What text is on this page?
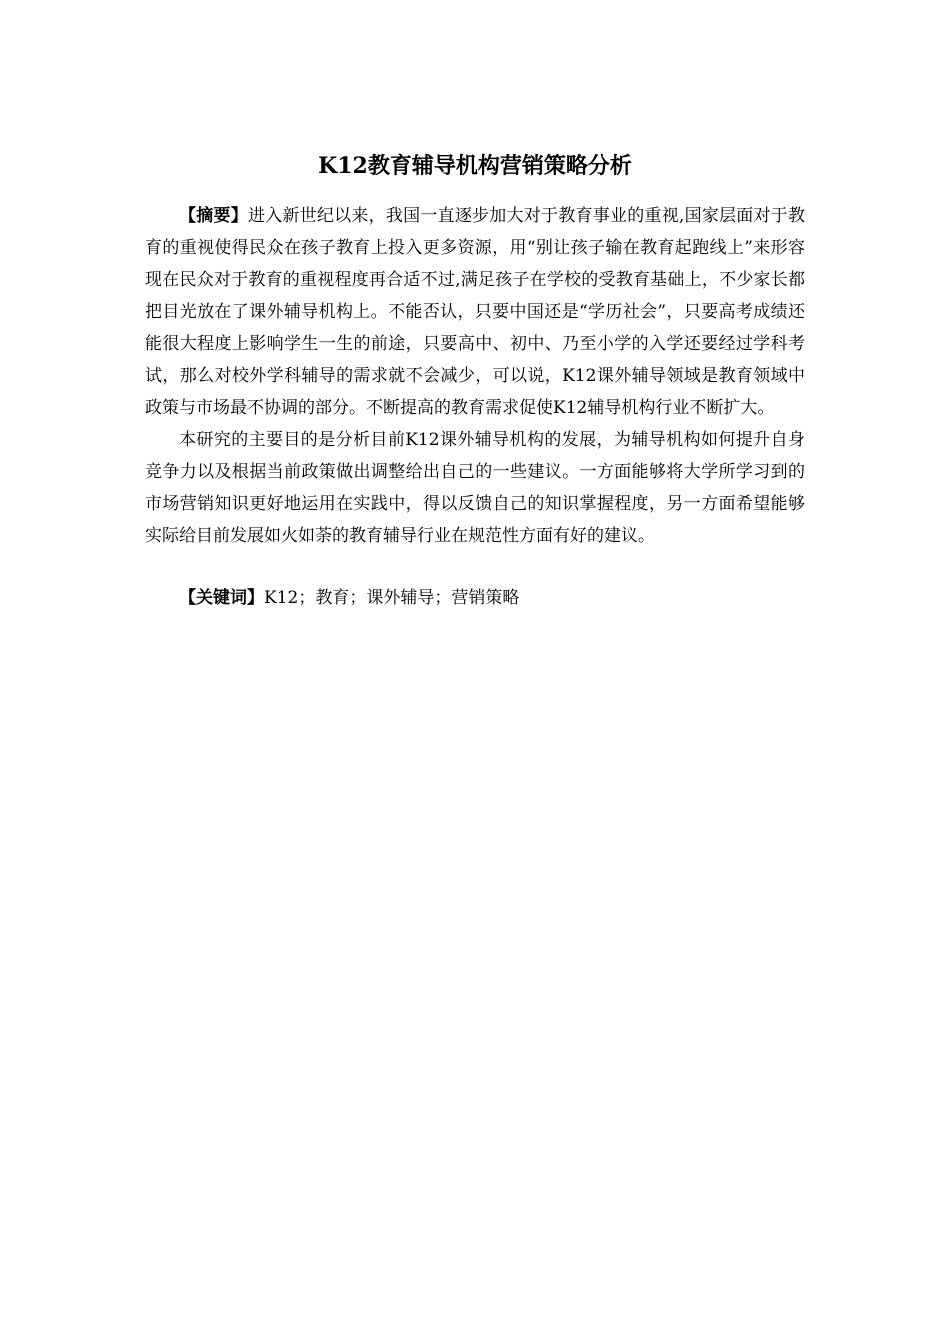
K12教育辅导机构营销策略分析

【摘要】进入新世纪以来，我国一直逐步加大对于教育事业的重视,国家层面对于教育的重视使得民众在孩子教育上投入更多资源，用“别让孩子输在教育起跑线上”来形容现在民众对于教育的重视程度再合适不过,满足孩子在学校的受教育基础上，不少家长都把目光放在了课外辅导机构上。不能否认，只要中国还是“学历社会”，只要高考成绩还能很大程度上影响学生一生的前途，只要高中、初中、乃至小学的入学还要经过学科考试，那么对校外学科辅导的需求就不会减少，可以说，K12课外辅导领域是教育领域中政策与市场最不协调的部分。不断提高的教育需求促使K12辅导机构行业不断扩大。

本研究的主要目的是分析目前K12课外辅导机构的发展，为辅导机构如何提升自身竞争力以及根据当前政策做出调整给出自己的一些建议。一方面能够将大学所学习到的市场营销知识更好地运用在实践中，得以反馈自己的知识掌握程度，另一方面希望能够实际给目前发展如火如荼的教育辅导行业在规范性方面有好的建议。

【关键词】K12；教育；课外辅导；营销策略
